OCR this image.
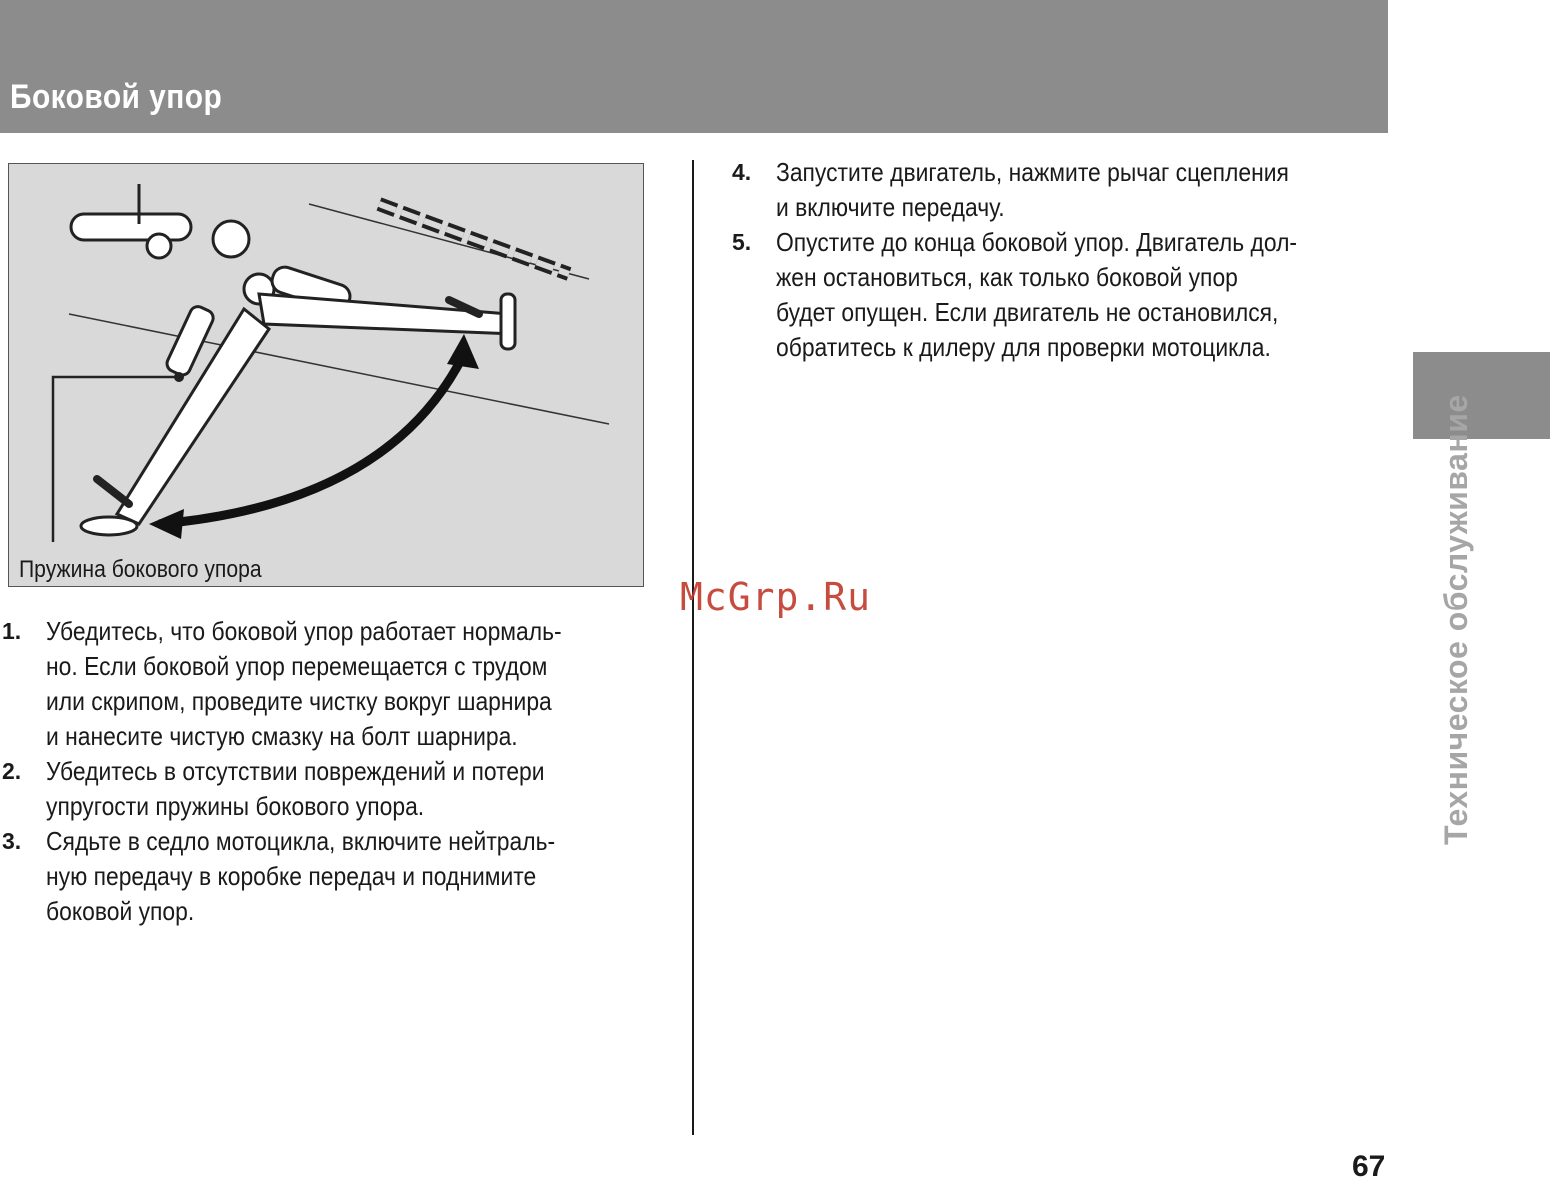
Боковой упор
Пружина бокового упора
1. Убедитесь, что боковой упор работает нормаль-
но. Если боковой упор перемещается с трудом
или скрипом, проведите чистку вокруг шарнира
и нанесите чистую смазку на болт шарнира.
2. Убедитесь в отсутствии повреждений и потери
упругости пружины бокового упора.
3. Сядьте в седло мотоцикла, включите нейтраль-
ную передачу в коробке передач и поднимите
боковой упор.
4. Запустите двигатель, нажмите рычаг сцепления
и включите передачу.
5. Опустите до конца боковой упор. Двигатель дол-
жен остановиться, как только боковой упор
будет опущен. Если двигатель не остановился,
обратитесь к дилеру для проверки мотоцикла.
McGrp.Ru	Техническое обслуживание
67
